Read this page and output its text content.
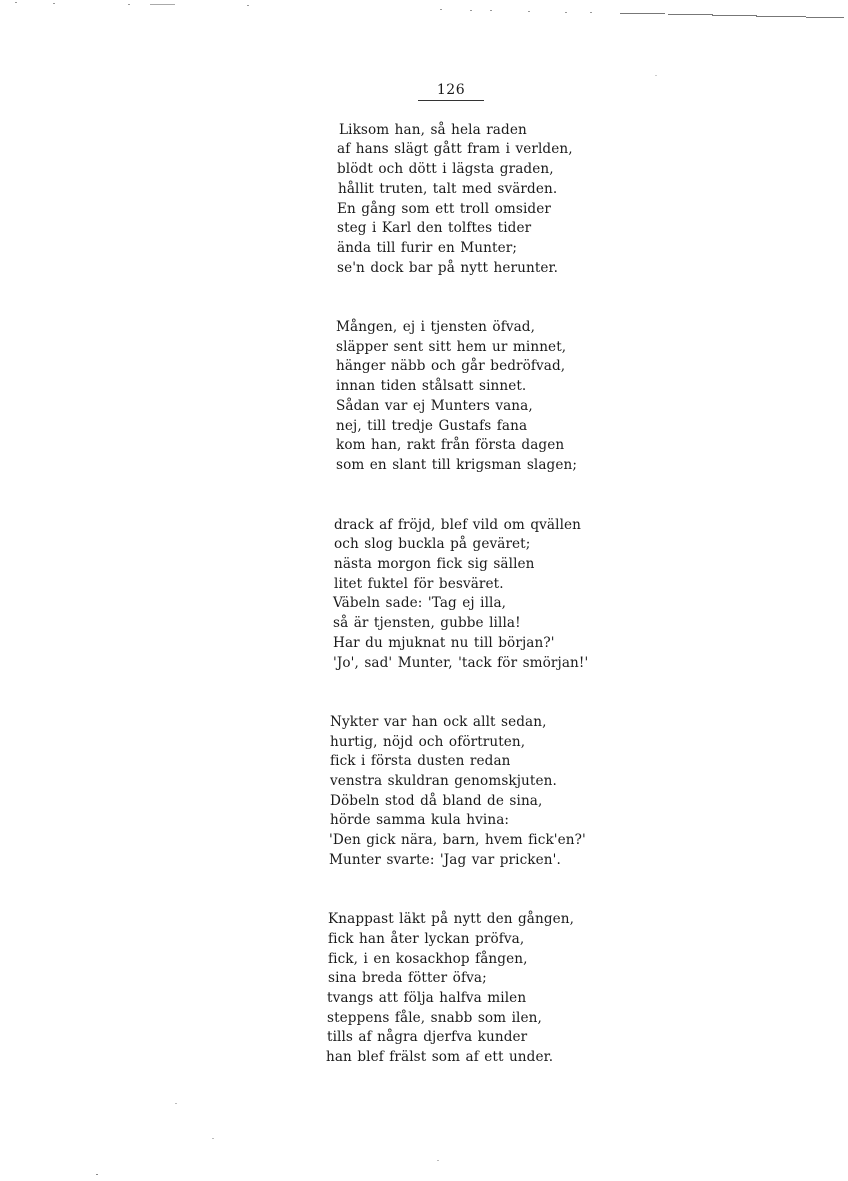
126
Liksom han, så hela raden
af hans slägt gått fram i verlden,
blödt och dött i lägsta graden,
hållit truten, talt med svärden.
En gång som ett troll omsider
steg i Karl den tolftes tider
ända till furir en Munter;
se'n dock bar på nytt herunter.
Mången, ej i tjensten öfvad,
släpper sent sitt hem ur minnet,
hänger näbb och går bedröfvad,
innan tiden stålsatt sinnet.
Sådan var ej Munters vana,
nej, till tredje Gustafs fana
kom han, rakt från första dagen
som en slant till krigsman slagen;
drack af fröjd, blef vild om qvällen
och slog buckla på geväret;
nästa morgon fick sig sällen
litet fuktel för besväret.
Väbeln sade: 'Tag ej illa,
så är tjensten, gubbe lilla!
Har du mjuknat nu till början?'
'Jo', sad' Munter, 'tack för smörjan!'
Nykter var han ock allt sedan,
hurtig, nöjd och oförtruten,
fick i första dusten redan
venstra skuldran genomskjuten.
Döbeln stod då bland de sina,
hörde samma kula hvina:
'Den gick nära, barn, hvem fick'en?'
Munter svarte: 'Jag var pricken'.
Knappast läkt på nytt den gången,
fick han åter lyckan pröfva,
fick, i en kosackhop fången,
sina breda fötter öfva;
tvangs att följa halfva milen
steppens fåle, snabb som ilen,
tills af några djerfva kunder
han blef frälst som af ett under.
